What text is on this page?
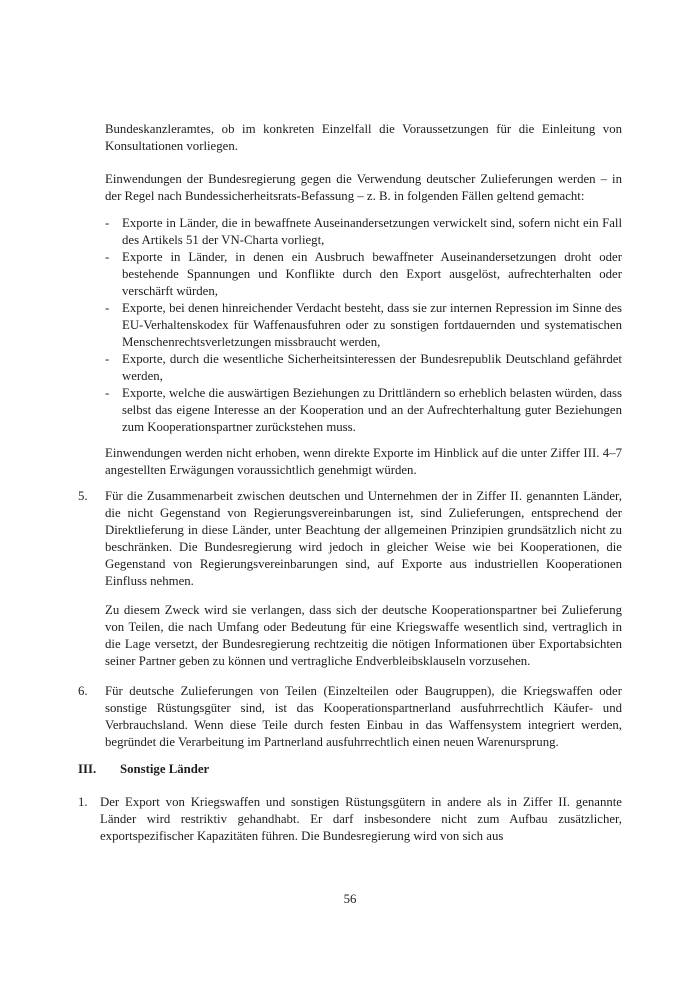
Bundeskanzleramtes, ob im konkreten Einzelfall die Voraussetzungen für die Einleitung von Konsultationen vorliegen.

Einwendungen der Bundesregierung gegen die Verwendung deutscher Zulieferungen werden – in der Regel nach Bundessicherheitsrats-Befassung – z. B. in folgenden Fällen geltend gemacht:

- Exporte in Länder, die in bewaffnete Auseinandersetzungen verwickelt sind, sofern nicht ein Fall des Artikels 51 der VN-Charta vorliegt,
- Exporte in Länder, in denen ein Ausbruch bewaffneter Auseinandersetzungen droht oder bestehende Spannungen und Konflikte durch den Export ausgelöst, aufrechterhalten oder verschärft würden,
- Exporte, bei denen hinreichender Verdacht besteht, dass sie zur internen Repression im Sinne des EU-Verhaltenskodex für Waffenausfuhren oder zu sonstigen fortdauernden und systematischen Menschenrechtsverletzungen missbraucht werden,
- Exporte, durch die wesentliche Sicherheitsinteressen der Bundesrepublik Deutschland gefährdet werden,
- Exporte, welche die auswärtigen Beziehungen zu Drittländern so erheblich belasten würden, dass selbst das eigene Interesse an der Kooperation und an der Aufrechterhaltung guter Beziehungen zum Kooperationspartner zurückstehen muss.

Einwendungen werden nicht erhoben, wenn direkte Exporte im Hinblick auf die unter Ziffer III. 4–7 angestellten Erwägungen voraussichtlich genehmigt würden.

5.	Für die Zusammenarbeit zwischen deutschen und Unternehmen der in Ziffer II. genannten Länder, die nicht Gegenstand von Regierungsvereinbarungen ist, sind Zulieferungen, entsprechend der Direktlieferung in diese Länder, unter Beachtung der allgemeinen Prinzipien grundsätzlich nicht zu beschränken. Die Bundesregierung wird jedoch in gleicher Weise wie bei Kooperationen, die Gegenstand von Regierungsvereinbarungen sind, auf Exporte aus industriellen Kooperationen Einfluss nehmen.

Zu diesem Zweck wird sie verlangen, dass sich der deutsche Kooperationspartner bei Zulieferung von Teilen, die nach Umfang oder Bedeutung für eine Kriegswaffe wesentlich sind, vertraglich in die Lage versetzt, der Bundesregierung rechtzeitig die nötigen Informationen über Exportabsichten seiner Partner geben zu können und vertragliche Endverbleibsklauseln vorzusehen.

6.	Für deutsche Zulieferungen von Teilen (Einzelteilen oder Baugruppen), die Kriegswaffen oder sonstige Rüstungsgüter sind, ist das Kooperationspartnerland ausfuhrrechtlich Käufer- und Verbrauchsland. Wenn diese Teile durch festen Einbau in das Waffensystem integriert werden, begründet die Verarbeitung im Partnerland ausfuhrrechtlich einen neuen Warenursprung.

III.	Sonstige Länder
1. Der Export von Kriegswaffen und sonstigen Rüstungsgütern in andere als in Ziffer II. genannte Länder wird restriktiv gehandhabt. Er darf insbesondere nicht zum Aufbau zusätzlicher, exportspezifischer Kapazitäten führen. Die Bundesregierung wird von sich aus
56
